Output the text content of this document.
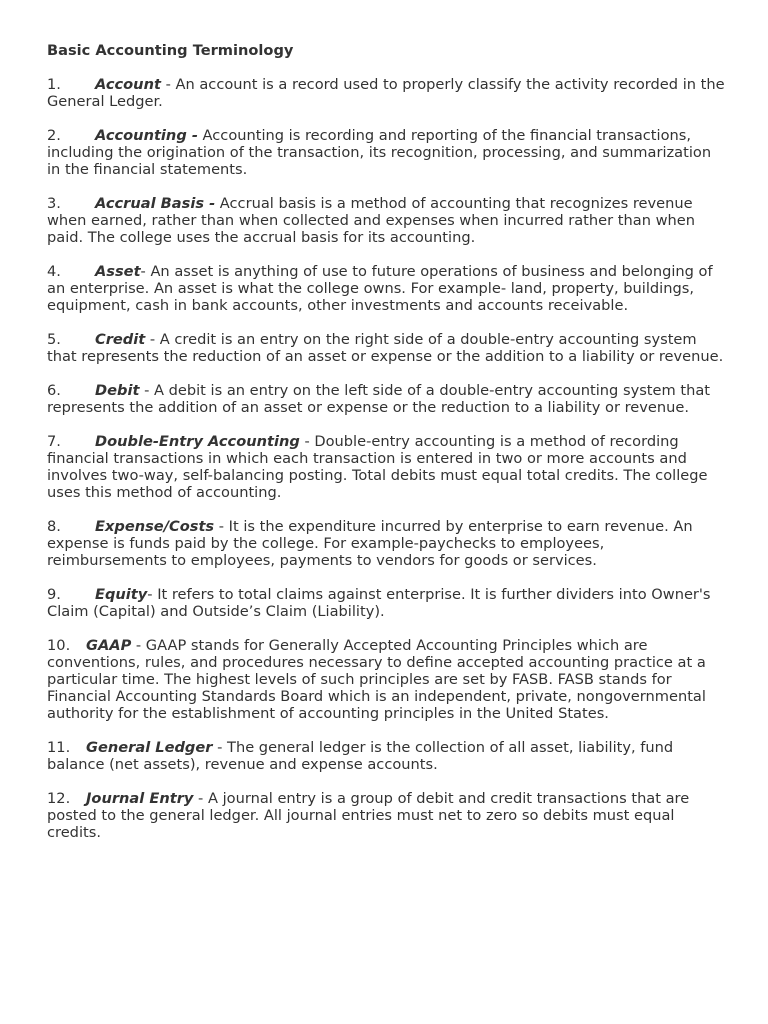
Basic Accounting Terminology
1. Account - An account is a record used to properly classify the activity recorded in the General Ledger.
2. Accounting - Accounting is recording and reporting of the financial transactions, including the origination of the transaction, its recognition, processing, and summarization in the financial statements.
3. Accrual Basis - Accrual basis is a method of accounting that recognizes revenue when earned, rather than when collected and expenses when incurred rather than when paid. The college uses the accrual basis for its accounting.
4. Asset- An asset is anything of use to future operations of business and belonging of an enterprise. An asset is what the college owns. For example- land, property, buildings, equipment, cash in bank accounts, other investments and accounts receivable.
5. Credit - A credit is an entry on the right side of a double-entry accounting system that represents the reduction of an asset or expense or the addition to a liability or revenue.
6. Debit - A debit is an entry on the left side of a double-entry accounting system that represents the addition of an asset or expense or the reduction to a liability or revenue.
7. Double-Entry Accounting - Double-entry accounting is a method of recording financial transactions in which each transaction is entered in two or more accounts and involves two-way, self-balancing posting. Total debits must equal total credits. The college uses this method of accounting.
8. Expense/Costs - It is the expenditure incurred by enterprise to earn revenue. An expense is funds paid by the college. For example-paychecks to employees, reimbursements to employees, payments to vendors for goods or services.
9. Equity- It refers to total claims against enterprise. It is further dividers into Owner's Claim (Capital) and Outside’s Claim (Liability).
10. GAAP - GAAP stands for Generally Accepted Accounting Principles which are conventions, rules, and procedures necessary to define accepted accounting practice at a particular time. The highest levels of such principles are set by FASB. FASB stands for Financial Accounting Standards Board which is an independent, private, nongovernmental authority for the establishment of accounting principles in the United States.
11. General Ledger - The general ledger is the collection of all asset, liability, fund balance (net assets), revenue and expense accounts.
12. Journal Entry - A journal entry is a group of debit and credit transactions that are posted to the general ledger. All journal entries must net to zero so debits must equal credits.
